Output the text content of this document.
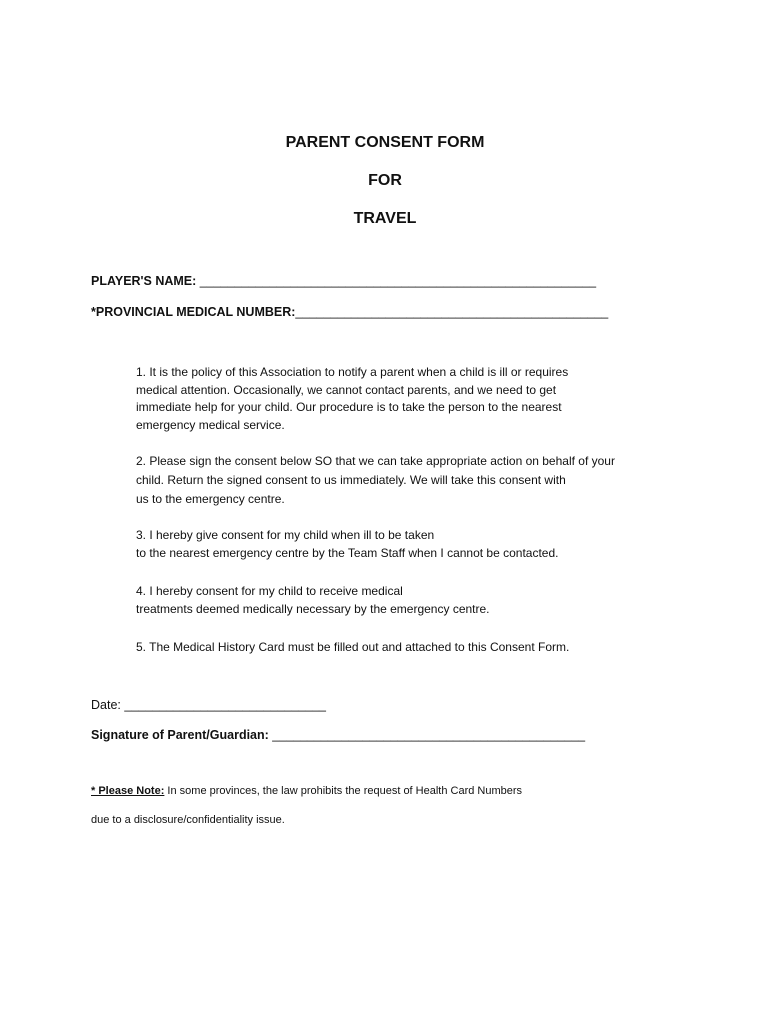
PARENT CONSENT FORM
FOR
TRAVEL
PLAYER'S NAME: _________________________________________________________
*PROVINCIAL MEDICAL NUMBER:_____________________________________________
1. It is the policy of this Association to notify a parent when a child is ill or requires
medical attention. Occasionally, we cannot contact parents, and we need to get
immediate help for your child. Our procedure is to take the person to the nearest
emergency medical service.
2. Please sign the consent below SO that we can take appropriate action on behalf of your
child. Return the signed consent to us immediately. We will take this consent with
us to the emergency centre.
3. I hereby give consent for my child when ill to be taken
to the nearest emergency centre by the Team Staff when I cannot be contacted.
4. I hereby consent for my child to receive medical
treatments deemed medically necessary by the emergency centre.
5. The Medical History Card must be filled out and attached to this Consent Form.
Date: _____________________________
Signature of Parent/Guardian: _____________________________________________
* Please Note: In some provinces, the law prohibits the request of Health Card Numbers
due to a disclosure/confidentiality issue.
